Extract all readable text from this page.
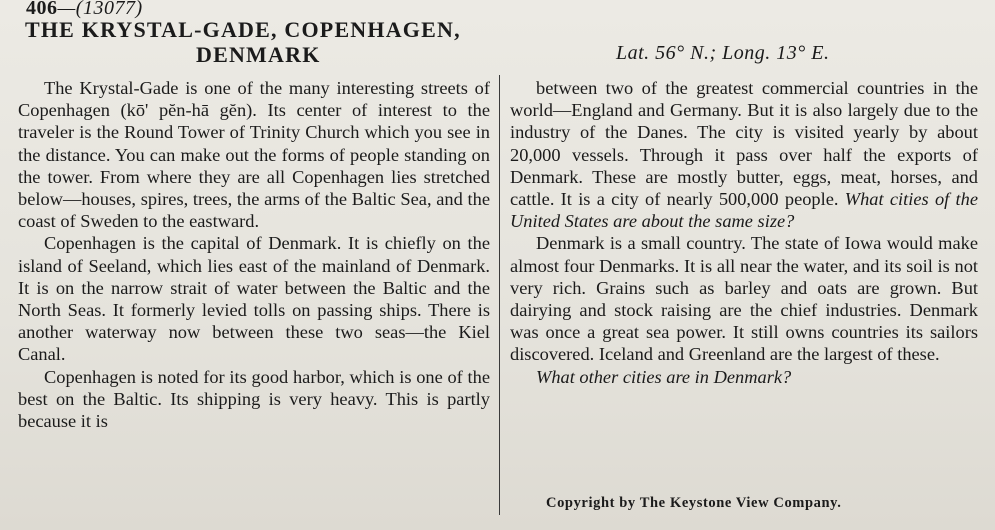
406—(13077)
THE KRYSTAL-GADE, COPENHAGEN,
DENMARK	Lat. 56° N.; Long. 13° E.

The Krystal-Gade is one of the many interesting streets of Copenhagen (kō' pĕn-hā gĕn). Its center of interest to the traveler is the Round Tower of Trinity Church which you see in the distance. You can make out the forms of people standing on the tower. From where they are all Copenhagen lies stretched below—houses, spires, trees, the arms of the Baltic Sea, and the coast of Sweden to the eastward.

Copenhagen is the capital of Denmark. It is chiefly on the island of Seeland, which lies east of the mainland of Denmark. It is on the narrow strait of water between the Baltic and the North Seas. It formerly levied tolls on passing ships. There is another waterway now between these two seas—the Kiel Canal.

Copenhagen is noted for its good harbor, which is one of the best on the Baltic. Its shipping is very heavy. This is partly because it is

between two of the greatest commercial countries in the world—England and Germany. But it is also largely due to the industry of the Danes. The city is visited yearly by about 20,000 vessels. Through it pass over half the exports of Denmark. These are mostly butter, eggs, meat, horses, and cattle. It is a city of nearly 500,000 people. What cities of the United States are about the same size?

Denmark is a small country. The state of Iowa would make almost four Denmarks. It is all near the water, and its soil is not very rich. Grains such as barley and oats are grown. But dairying and stock raising are the chief industries. Denmark was once a great sea power. It still owns countries its sailors discovered. Iceland and Greenland are the largest of these.

What other cities are in Denmark?

Copyright by The Keystone View Company.
